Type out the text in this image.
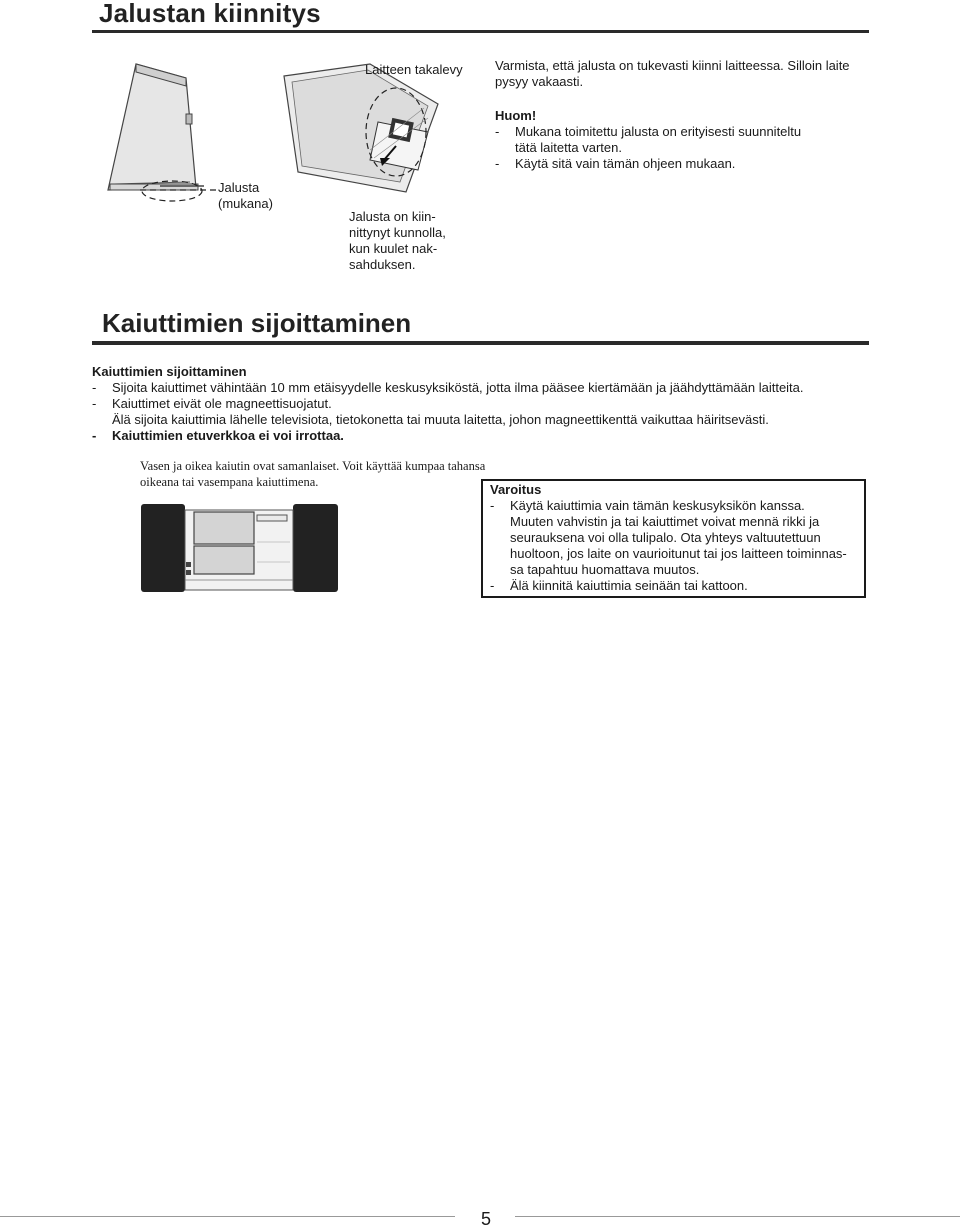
Jalustan kiinnitys
Laitteen takalevy
Jalusta
(mukana)
Jalusta on kiin-
nittynyt kunnolla,
kun kuulet nak-
sahduksen.
Varmista, että jalusta on tukevasti kiinni laitteessa. Silloin laite
pysyy vakaasti.
Huom!
- Mukana toimitettu jalusta on erityisesti suunniteltu
tätä laitetta varten.
- Käytä sitä vain tämän ohjeen mukaan.
Kaiuttimien sijoittaminen
Kaiuttimien sijoittaminen
- Sijoita kaiuttimet vähintään 10 mm etäisyydelle keskusyksiköstä, jotta ilma pääsee kiertämään ja jäähdyttämään laitteita.
- Kaiuttimet eivät ole magneettisuojatut.
Älä sijoita kaiuttimia lähelle televisiota, tietokonetta tai muuta laitetta, johon magneettikenttä vaikuttaa häiritsevästi.
- Kaiuttimien etuverkkoa ei voi irrottaa.
Vasen ja oikea kaiutin ovat samanlaiset. Voit käyttää kumpaa tahansa
oikeana tai vasempana kaiuttimena.	Varoitus
- Käytä kaiuttimia vain tämän keskusyksikön kanssa.
Muuten vahvistin ja tai kaiuttimet voivat mennä rikki ja
seurauksena voi olla tulipalo. Ota yhteys valtuutettuun
huoltoon, jos laite on vaurioitunut tai jos laitteen toiminnas-
sa tapahtuu huomattava muutos.
- Älä kiinnitä kaiuttimia seinään tai kattoon.
5
